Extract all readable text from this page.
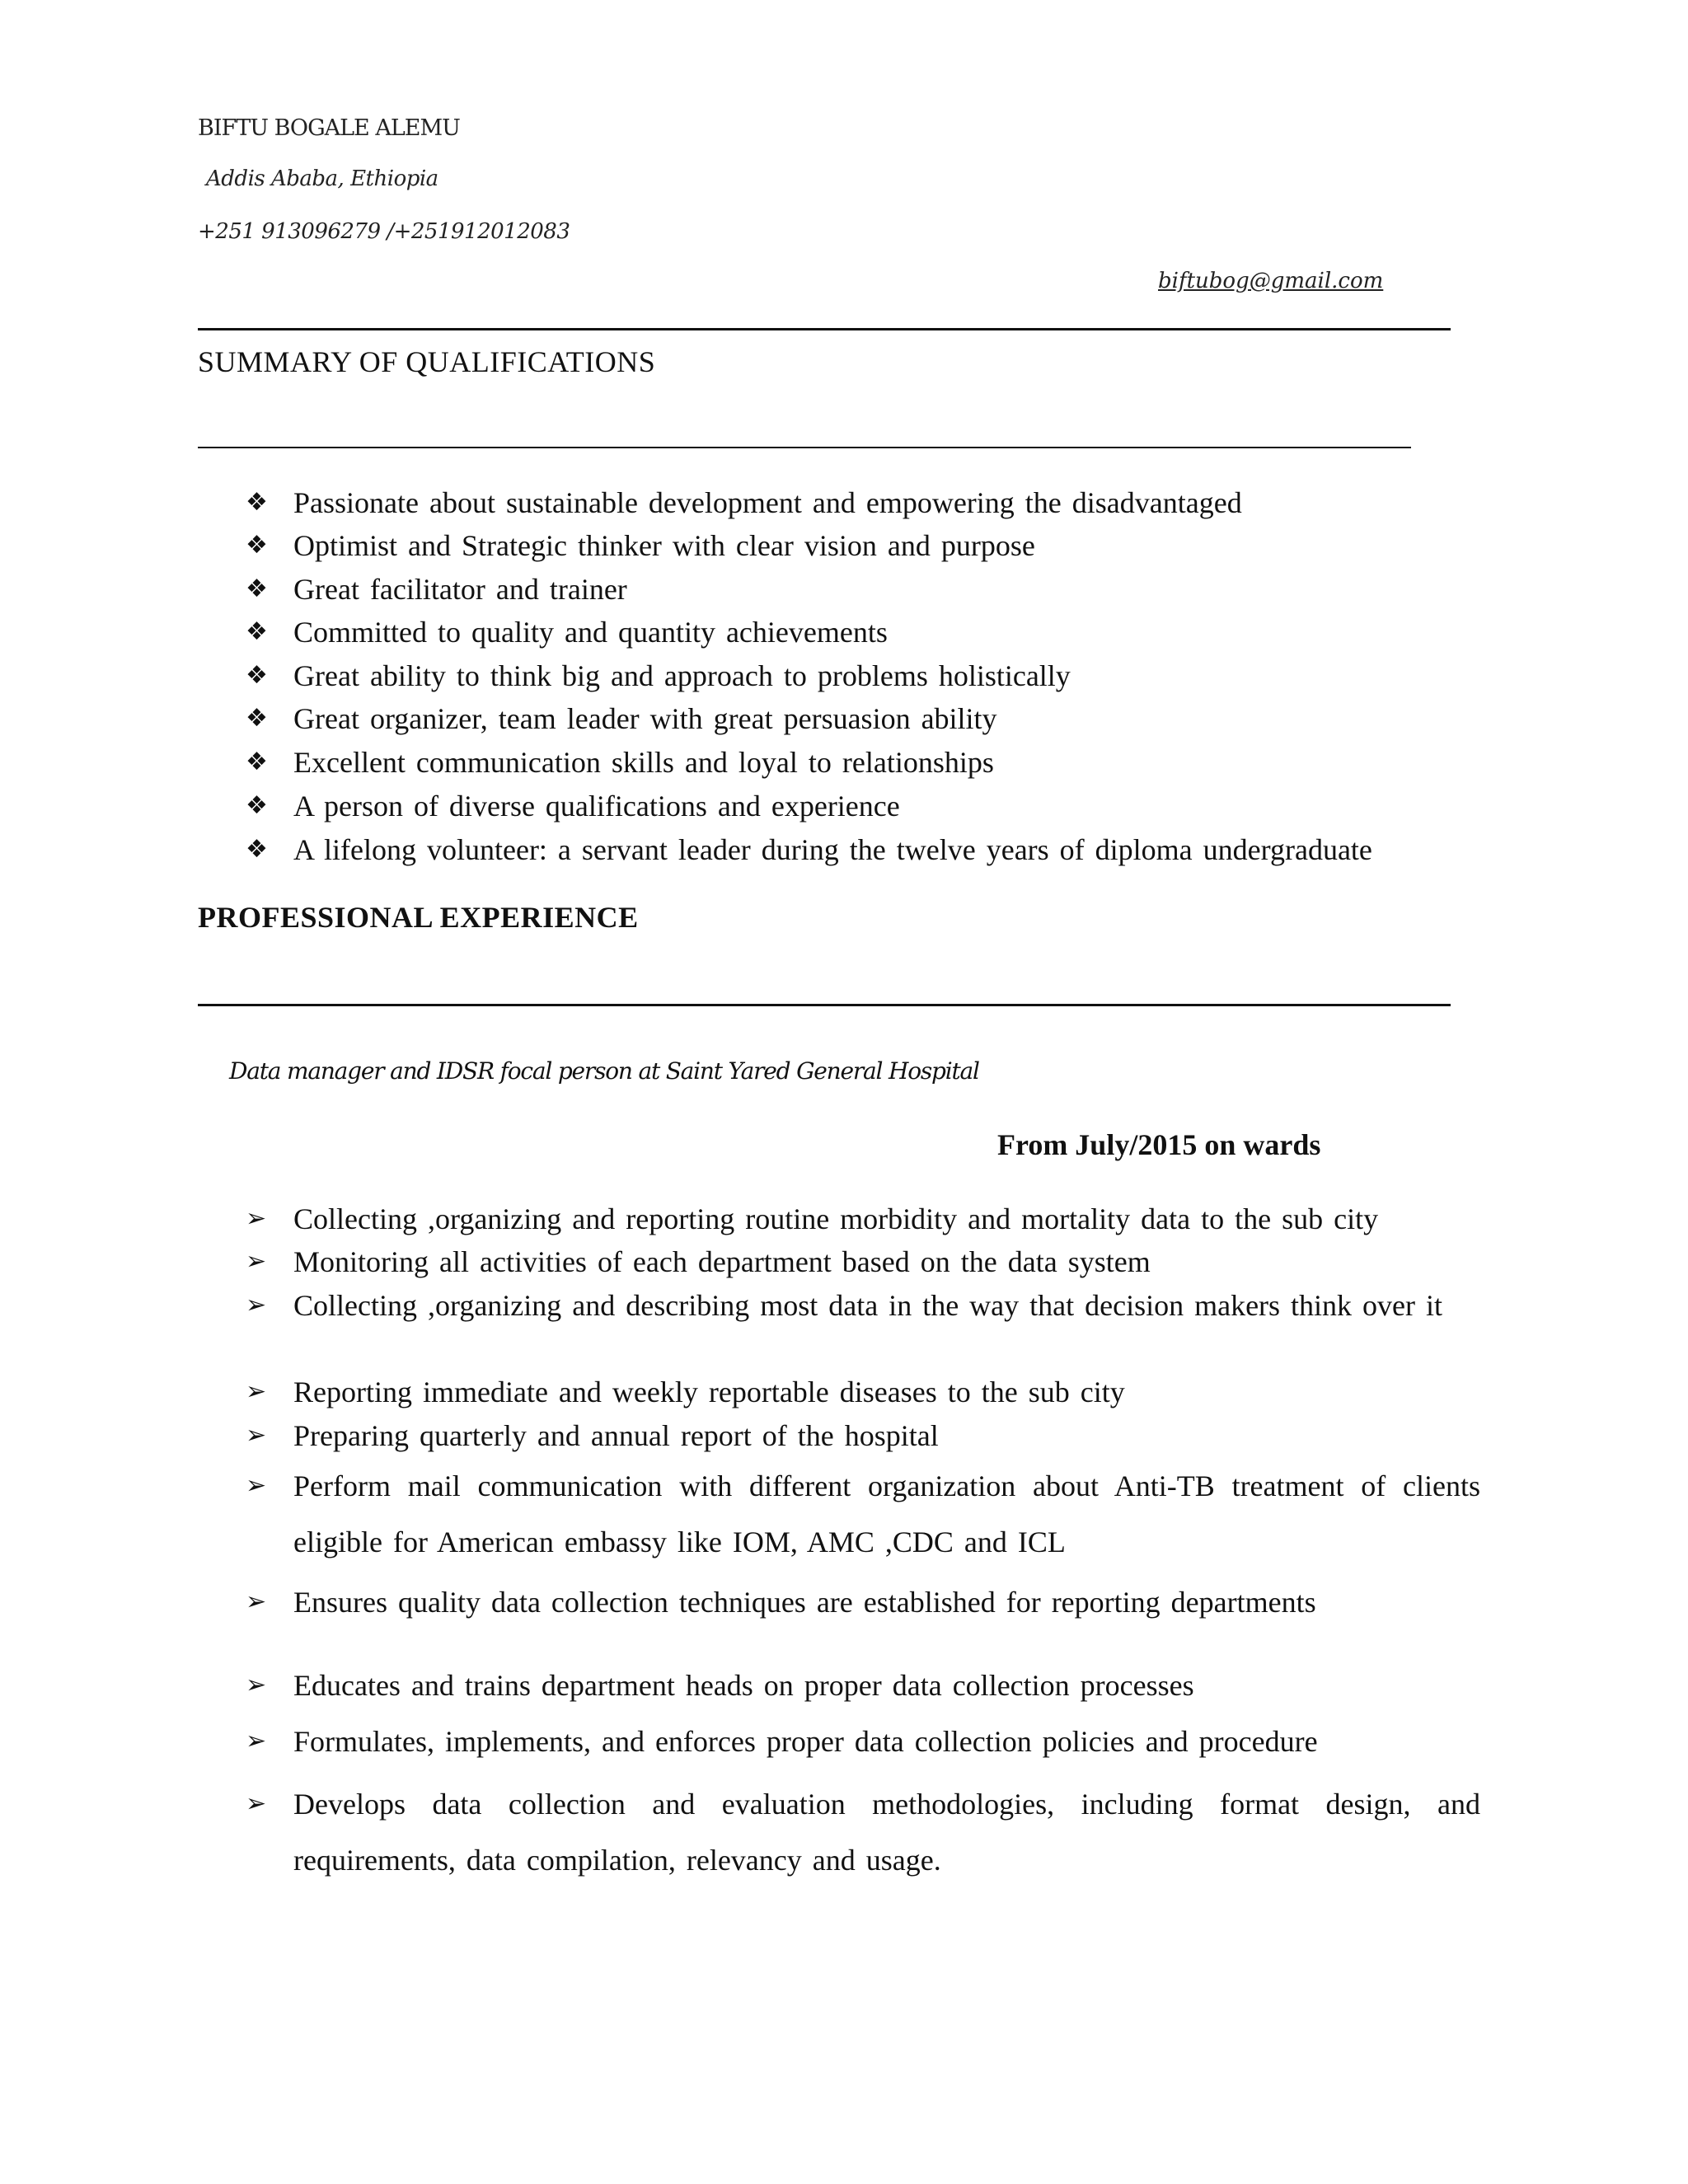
BIFTU BOGALE ALEMU
Addis Ababa, Ethiopia
+251 913096279 /+251912012083
biftubog@gmail.com
SUMMARY OF QUALIFICATIONS
❖ Passionate about sustainable development and empowering the disadvantaged
❖ Optimist and Strategic thinker with clear vision and purpose
❖ Great facilitator and trainer
❖ Committed to quality and quantity achievements
❖ Great ability to think big and approach to problems holistically
❖ Great organizer, team leader with great persuasion ability
❖ Excellent communication skills and loyal to relationships
❖ A person of diverse qualifications and experience
❖ A lifelong volunteer: a servant leader during the twelve years of diploma undergraduate
PROFESSIONAL EXPERIENCE
Data manager and IDSR focal person at Saint Yared General Hospital
From July/2015 on wards
➢ Collecting ,organizing and reporting routine morbidity and mortality data to the sub city
➢ Monitoring all activities of each department based on the data system
➢ Collecting ,organizing and describing most data in the way that decision makers think over it
➢ Reporting immediate and weekly reportable diseases to the sub city
➢ Preparing quarterly and annual report of the hospital
➢ Perform mail communication with different organization about Anti-TB treatment of clients eligible for American embassy like IOM, AMC ,CDC and ICL
➢ Ensures quality data collection techniques are established for reporting departments
➢ Educates and trains department heads on proper data collection processes
➢ Formulates, implements, and enforces proper data collection policies and procedure
➢ Develops data collection and evaluation methodologies, including format design, and requirements, data compilation, relevancy and usage.
